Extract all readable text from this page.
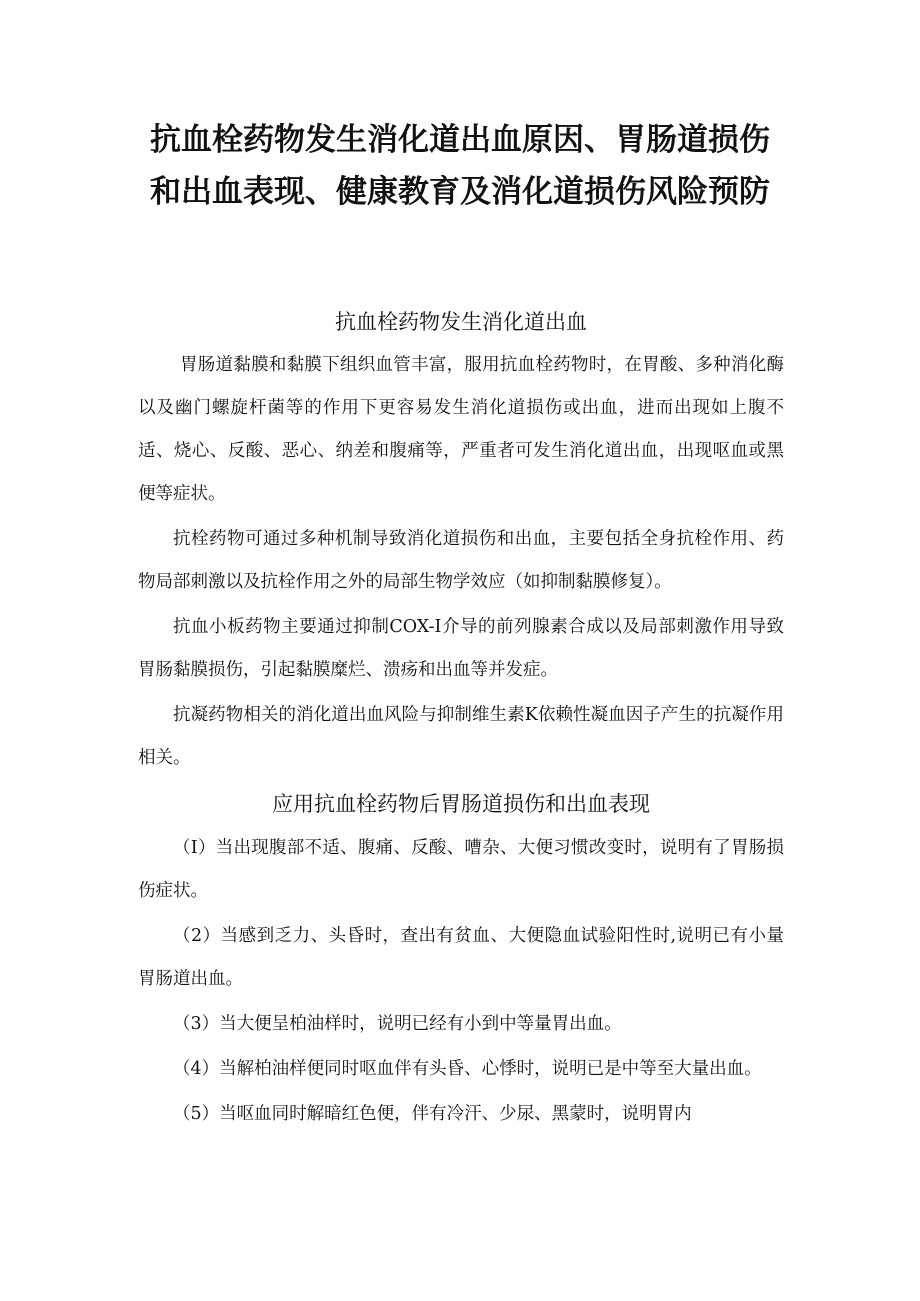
抗血栓药物发生消化道出血原因、胃肠道损伤和出血表现、健康教育及消化道损伤风险预防
抗血栓药物发生消化道出血

胃肠道黏膜和黏膜下组织血管丰富，服用抗血栓药物时，在胃酸、多种消化酶以及幽门螺旋杆菌等的作用下更容易发生消化道损伤或出血，进而出现如上腹不适、烧心、反酸、恶心、纳差和腹痛等，严重者可发生消化道出血，出现呕血或黑便等症状。

抗栓药物可通过多种机制导致消化道损伤和出血，主要包括全身抗栓作用、药物局部刺激以及抗栓作用之外的局部生物学效应（如抑制黏膜修复）。

抗血小板药物主要通过抑制COX-I介导的前列腺素合成以及局部刺激作用导致胃肠黏膜损伤，引起黏膜糜烂、溃疡和出血等并发症。

抗凝药物相关的消化道出血风险与抑制维生素K依赖性凝血因子产生的抗凝作用相关。

应用抗血栓药物后胃肠道损伤和出血表现

（I）当出现腹部不适、腹痛、反酸、嘈杂、大便习惯改变时，说明有了胃肠损伤症状。

（2）当感到乏力、头昏时，查出有贫血、大便隐血试验阳性时,说明已有小量胃肠道出血。

（3）当大便呈柏油样时，说明已经有小到中等量胃出血。

（4）当解柏油样便同时呕血伴有头昏、心悸时，说明已是中等至大量出血。

（5）当呕血同时解暗红色便，伴有冷汗、少尿、黑蒙时，说明胃内
